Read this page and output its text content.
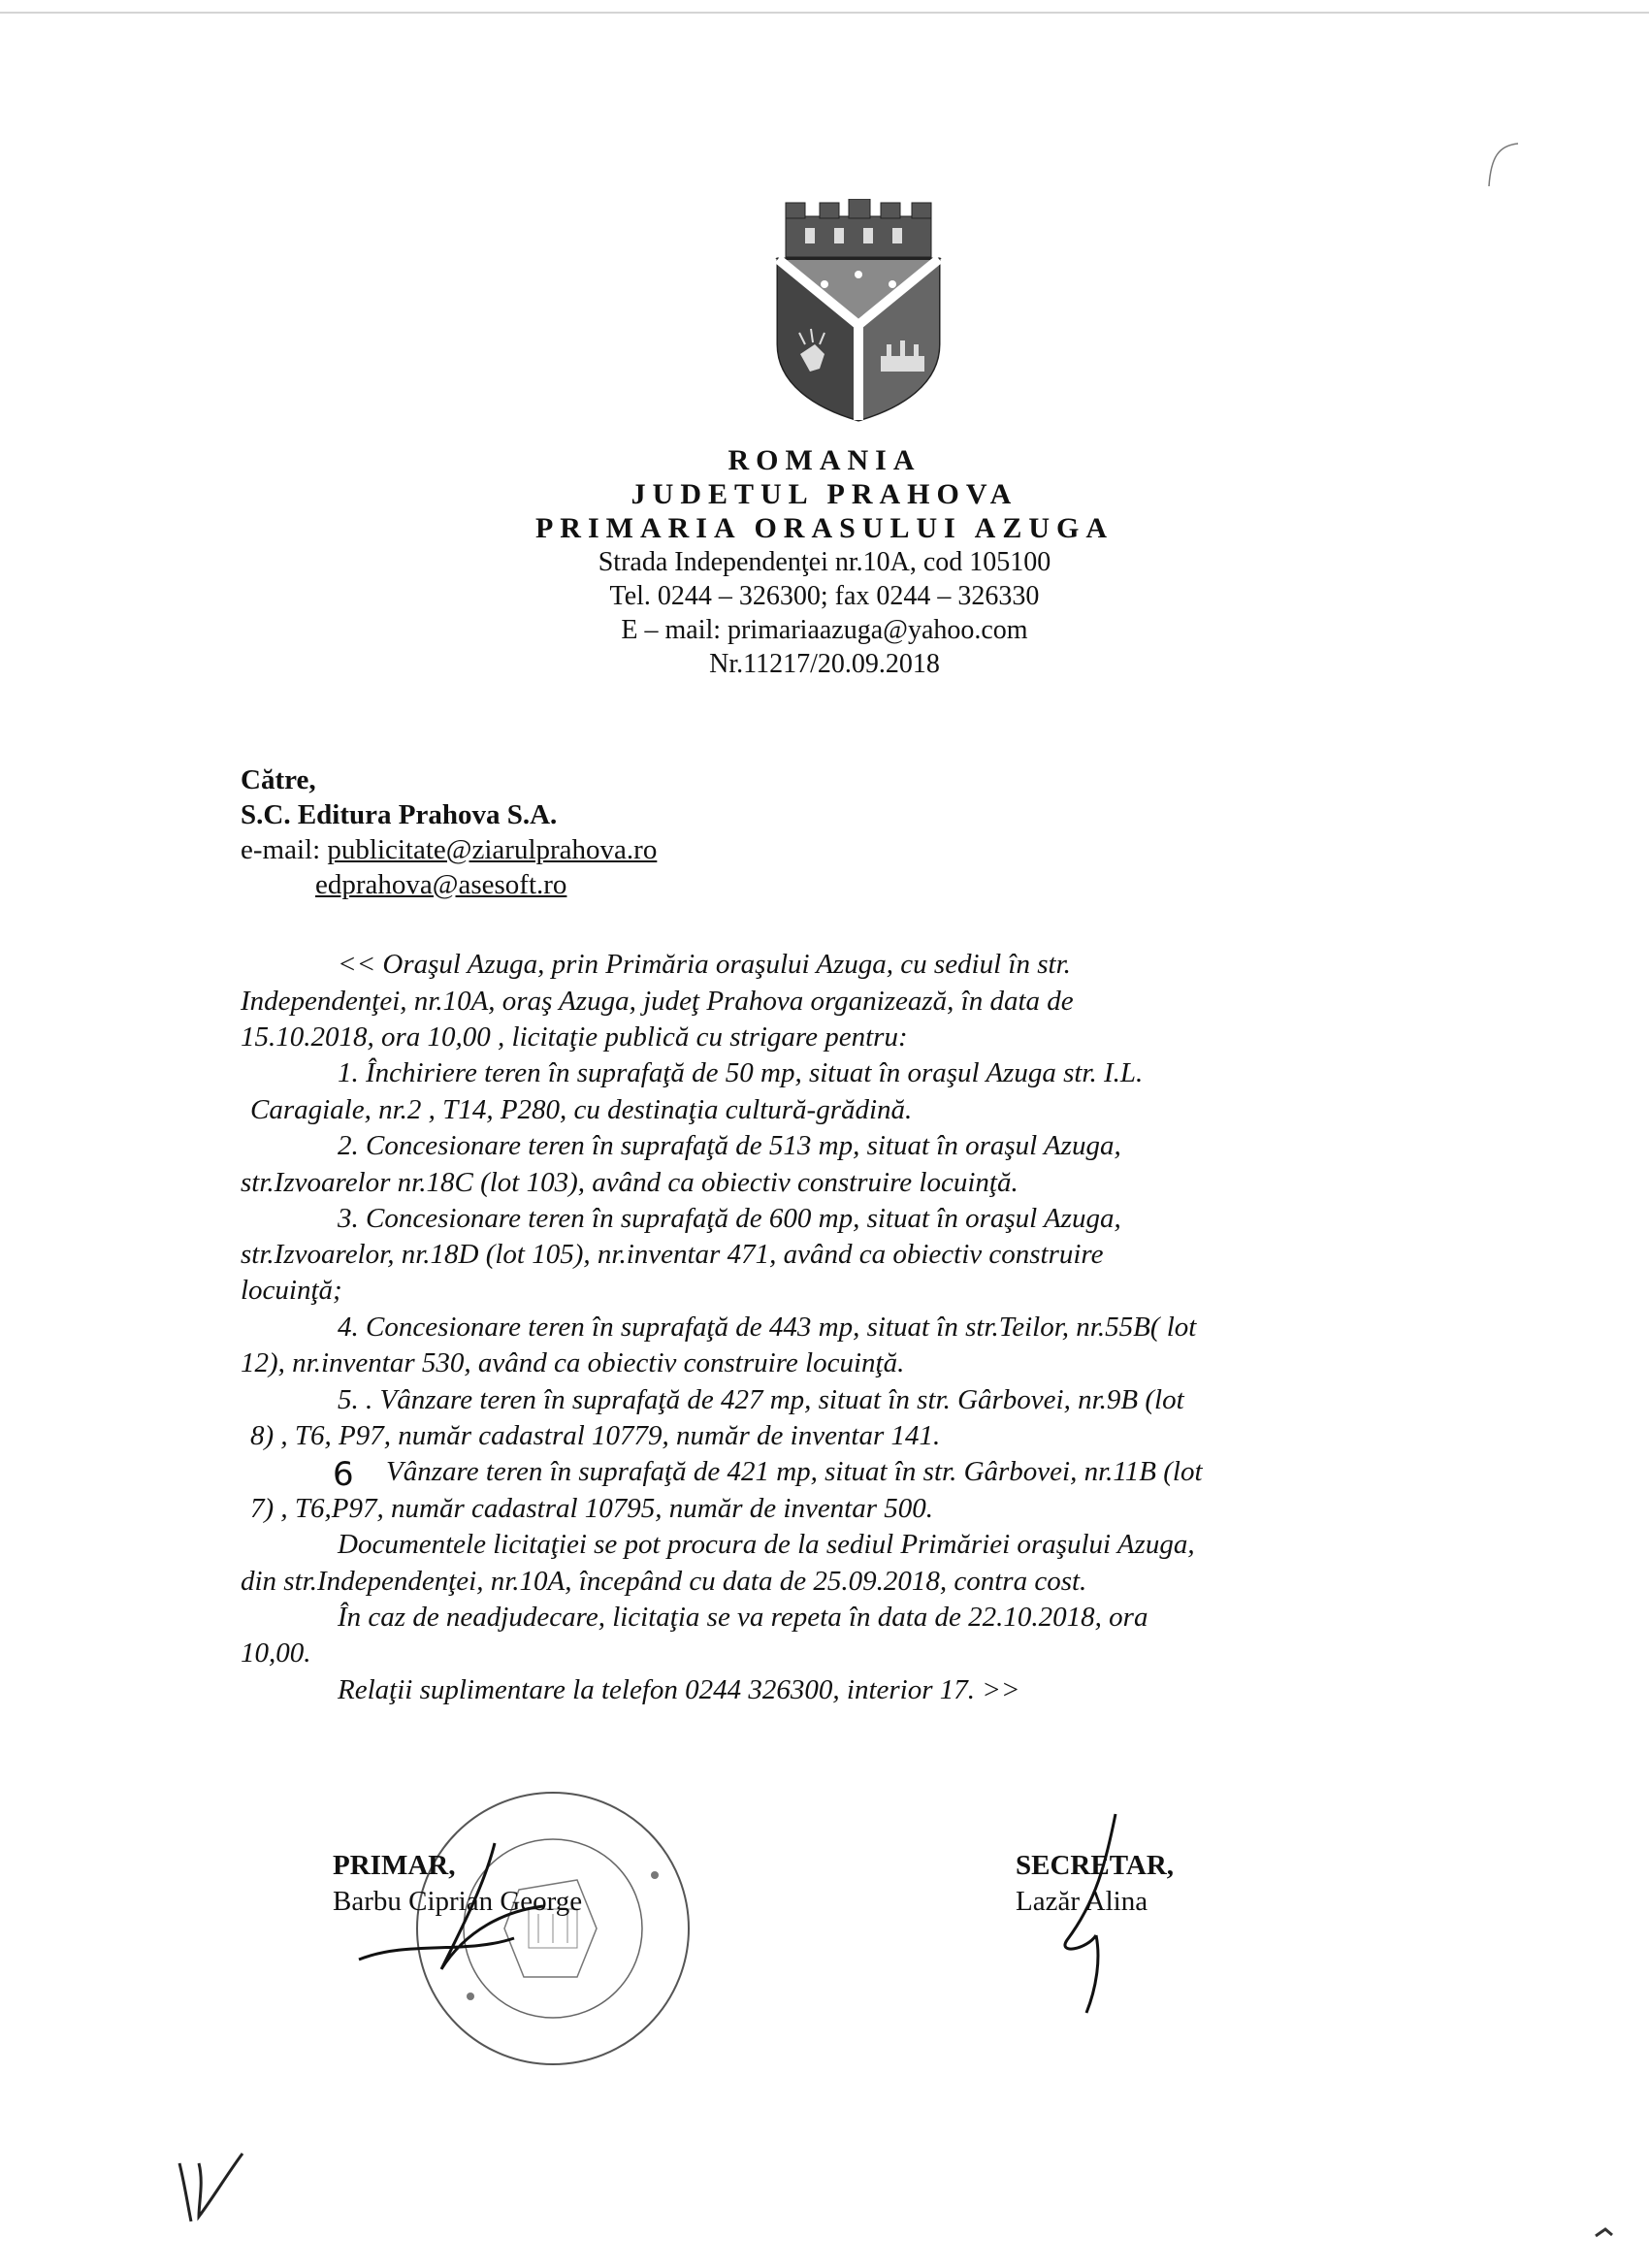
ROMANIA
JUDETUL PRAHOVA
PRIMARIA ORASULUI AZUGA
Strada Independenţei nr.10A, cod 105100
Tel. 0244 – 326300; fax 0244 – 326330
E – mail: primariaazuga@yahoo.com
Nr.11217/20.09.2018
Către,
S.C. Editura Prahova S.A.
e-mail: publicitate@ziarulprahova.ro
edprahova@asesoft.ro
<< Oraşul Azuga, prin Primăria oraşului Azuga, cu sediul în str.
Independenţei, nr.10A, oraş Azuga, judeţ Prahova organizează, în data de
15.10.2018, ora 10,00 , licitaţie publică cu strigare pentru:
1. Închiriere teren în suprafaţă de 50 mp, situat în oraşul Azuga str. I.L.
Caragiale, nr.2 , T14, P280, cu destinaţia cultură-grădină.
2. Concesionare teren în suprafaţă de 513 mp, situat în oraşul Azuga,
str.Izvoarelor nr.18C (lot 103), având ca obiectiv construire locuinţă.
3. Concesionare teren în suprafaţă de 600 mp, situat în oraşul Azuga,
str.Izvoarelor, nr.18D (lot 105), nr.inventar 471, având ca obiectiv construire
locuinţă;
4. Concesionare teren în suprafaţă de 443 mp, situat în str.Teilor, nr.55B( lot
12), nr.inventar 530, având ca obiectiv construire locuinţă.
5. . Vânzare teren în suprafaţă de 427 mp, situat în str. Gârbovei, nr.9B (lot
8) , T6, P97, număr cadastral 10779, număr de inventar 141.
6 Vânzare teren în suprafaţă de 421 mp, situat în str. Gârbovei, nr.11B (lot
7) , T6,P97, număr cadastral 10795, număr de inventar 500.
Documentele licitaţiei se pot procura de la sediul Primăriei oraşului Azuga,
din str.Independenţei, nr.10A, începând cu data de 25.09.2018, contra cost.
În caz de neadjudecare, licitaţia se va repeta în data de 22.10.2018, ora
10,00.
Relaţii suplimentare la telefon 0244 326300, interior 17. >>
PRIMAR,
Barbu Ciprian George
SECRETAR,
Lazăr Alina
